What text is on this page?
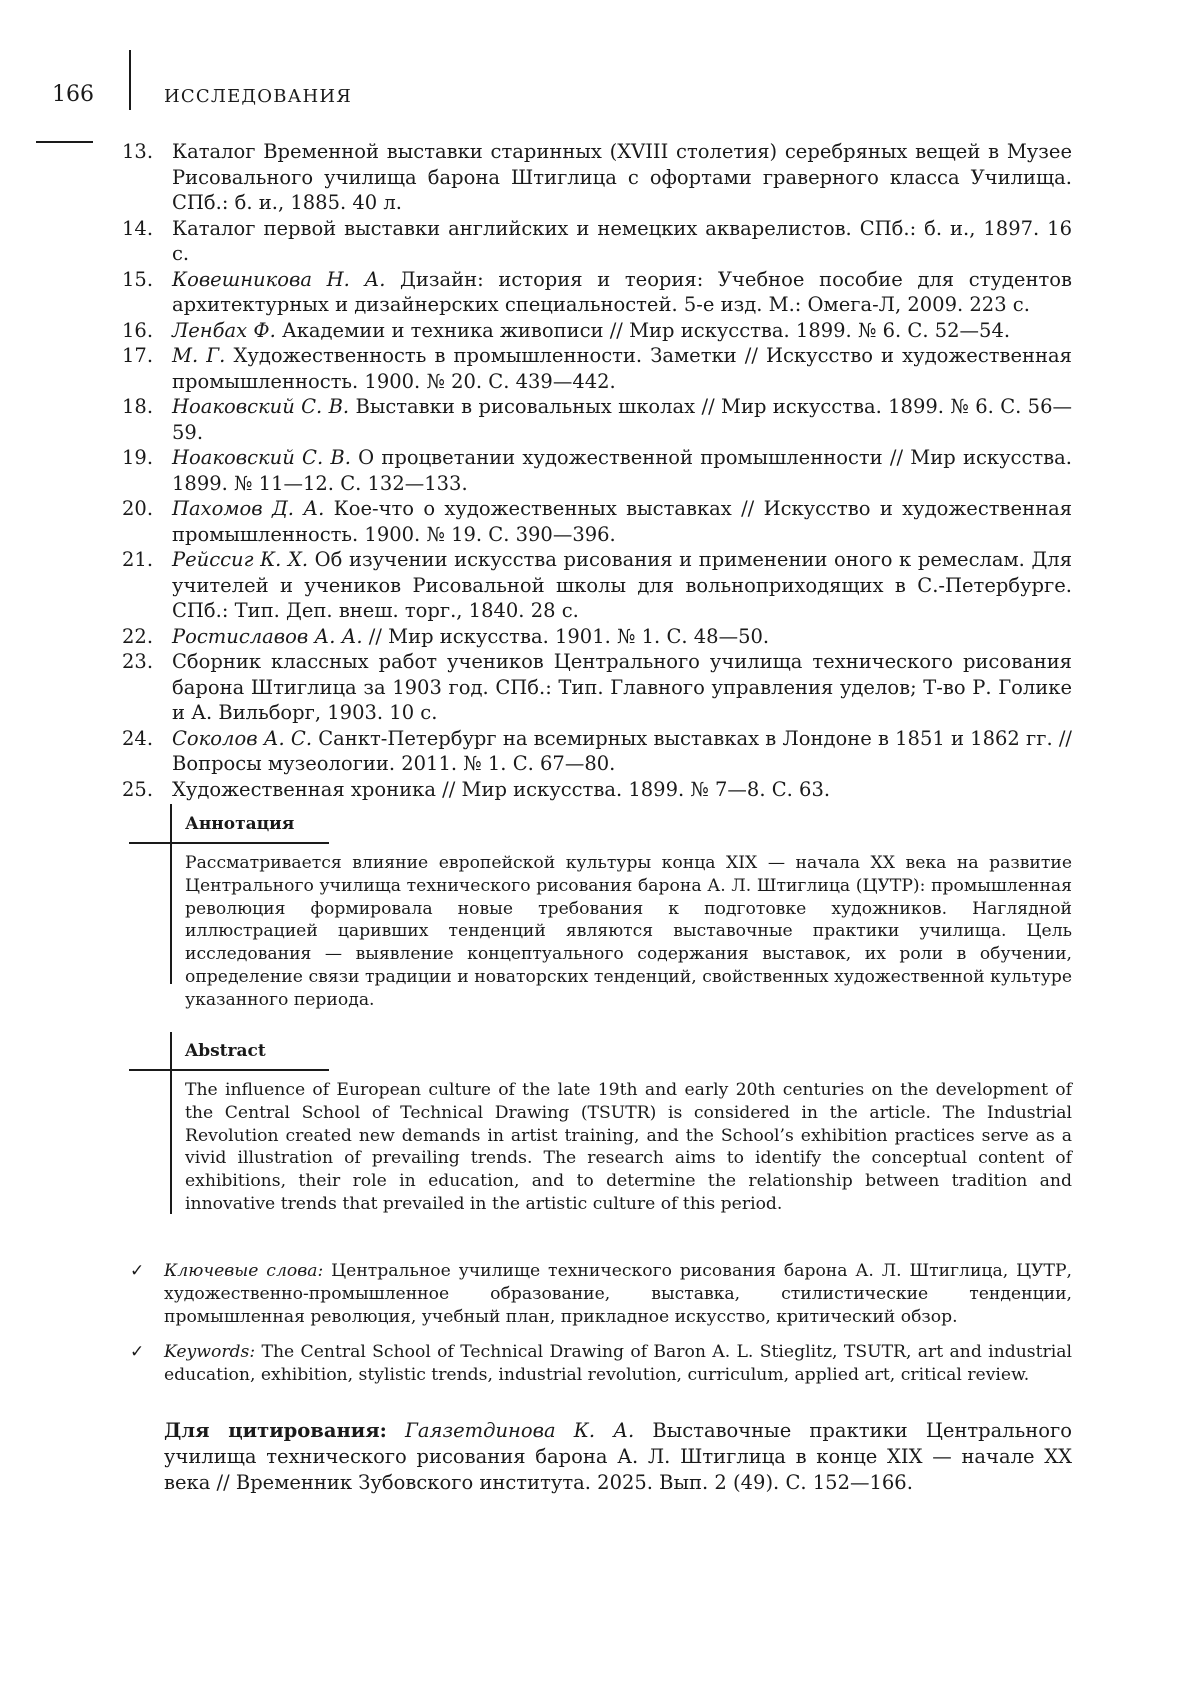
166	ИССЛЕДОВАНИЯ
13. Каталог Временной выставки старинных (XVIII столетия) серебряных вещей в Музее Рисовального училища барона Штиглица с офортами граверного класса Училища. СПб.: б. и., 1885. 40 л.
14. Каталог первой выставки английских и немецких акварелистов. СПб.: б. и., 1897. 16 с.
15. Ковешникова Н. А. Дизайн: история и теория: Учебное пособие для студентов архитектурных и дизайнерских специальностей. 5-е изд. М.: Омега-Л, 2009. 223 с.
16. Ленбах Ф. Академии и техника живописи // Мир искусства. 1899. № 6. С. 52—54.
17. М. Г. Художественность в промышленности. Заметки // Искусство и художественная промышленность. 1900. № 20. С. 439—442.
18. Ноаковский С. В. Выставки в рисовальных школах // Мир искусства. 1899. № 6. С. 56—59.
19. Ноаковский С. В. О процветании художественной промышленности // Мир искусства. 1899. № 11—12. С. 132—133.
20. Пахомов Д. А. Кое-что о художественных выставках // Искусство и художественная промышленность. 1900. № 19. С. 390—396.
21. Рейссиг К. Х. Об изучении искусства рисования и применении оного к ремеслам. Для учителей и учеников Рисовальной школы для вольноприходящих в С.-Петербурге. СПб.: Тип. Деп. внеш. торг., 1840. 28 с.
22. Ростиславов А. А. // Мир искусства. 1901. № 1. С. 48—50.
23. Сборник классных работ учеников Центрального училища технического рисования барона Штиглица за 1903 год. СПб.: Тип. Главного управления уделов; Т-во Р. Голике и А. Вильборг, 1903. 10 с.
24. Соколов А. С. Санкт-Петербург на всемирных выставках в Лондоне в 1851 и 1862 гг. // Вопросы музеологии. 2011. № 1. С. 67—80.
25. Художественная хроника // Мир искусства. 1899. № 7—8. С. 63.
Аннотация
Рассматривается влияние европейской культуры конца XIX — начала XX века на развитие Центрального училища технического рисования барона А. Л. Штиглица (ЦУТР): промышленная революция формировала новые требования к подготовке художников. Наглядной иллюстрацией царивших тенденций являются выставочные практики училища. Цель исследования — выявление концептуального содержания выставок, их роли в обучении, определение связи традиции и новаторских тенденций, свойственных художественной культуре указанного периода.
Abstract
The influence of European culture of the late 19th and early 20th centuries on the development of the Central School of Technical Drawing (TSUTR) is considered in the article. The Industrial Revolution created new demands in artist training, and the School’s exhibition practices serve as a vivid illustration of prevailing trends. The research aims to identify the conceptual content of exhibitions, their role in education, and to determine the relationship between tradition and innovative trends that prevailed in the artistic culture of this period.
✓	Ключевые слова: Центральное училище технического рисования барона А. Л. Штиглица, ЦУТР, художественно-промышленное образование, выставка, стилистические тенденции, промышленная революция, учебный план, прикладное искусство, критический обзор.
✓	Keywords: The Central School of Technical Drawing of Baron A. L. Stieglitz, TSUTR, art and industrial education, exhibition, stylistic trends, industrial revolution, curriculum, applied art, critical review.
Для цитирования: Гаязетдинова К. А. Выставочные практики Центрального училища технического рисования барона А. Л. Штиглица в конце XIX — начале XX века // Временник Зубовского института. 2025. Вып. 2 (49). С. 152—166.
